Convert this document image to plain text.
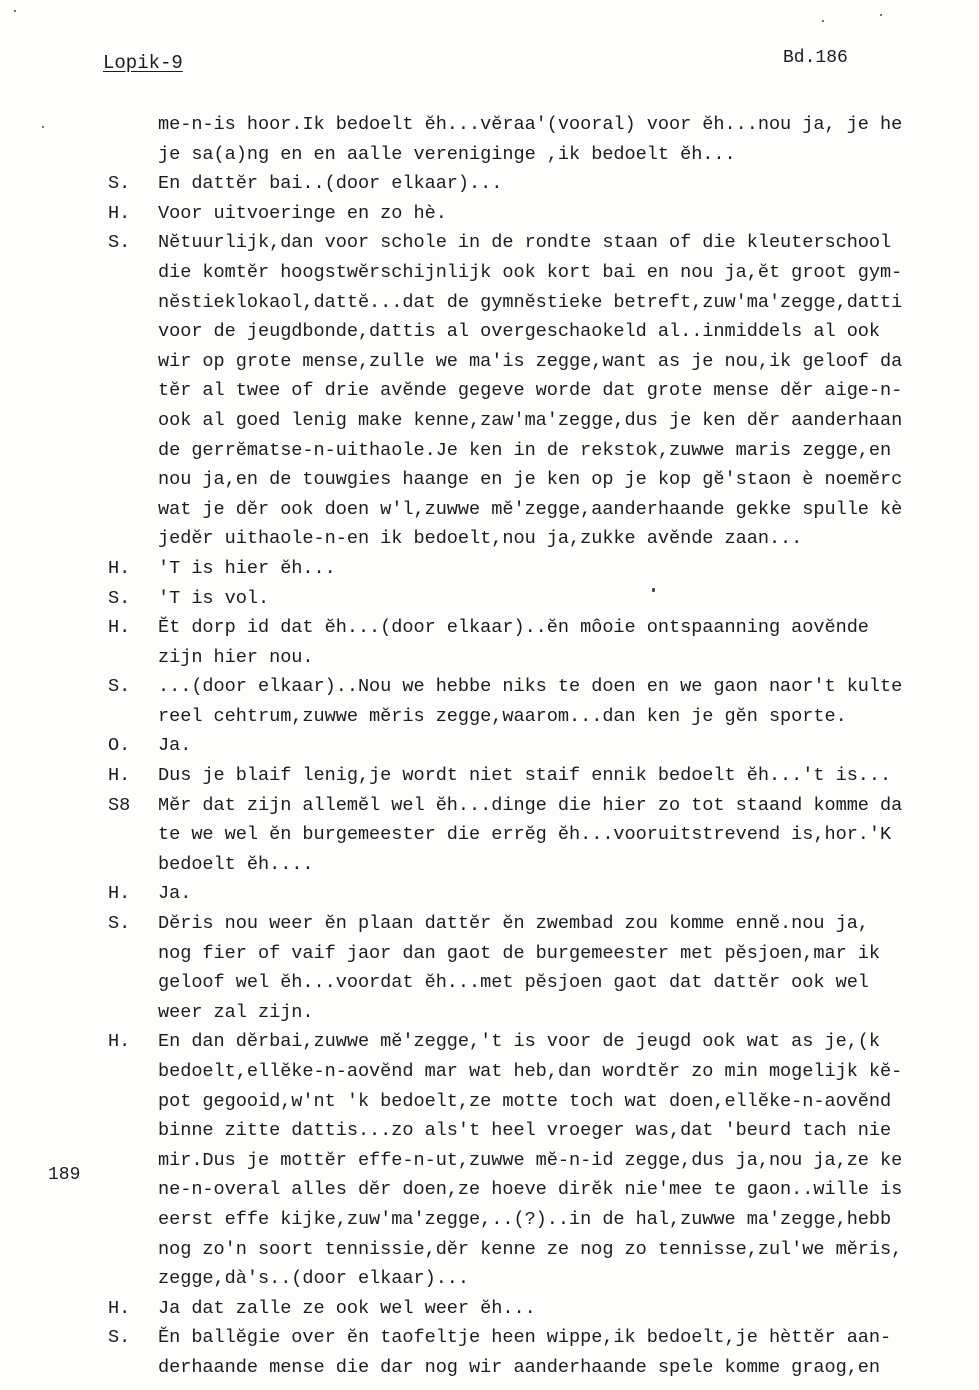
Lopik-9	Bd.186
189
me-n-is hoor.Ik bedoelt ĕh...vĕraa'(vooral) voor ĕh...nou ja, je he
je sa(a)ng en en aalle vereniginge ,ik bedoelt ĕh...
S.	En dattĕr bai..(door elkaar)...
H.	Voor uitvoeringe en zo hè.
S.	Nĕtuurlijk,dan voor schole in de rondte staan of die kleuterschool
die komtĕr hoogstwĕrschijnlijk ook kort bai en nou ja,ĕt groot gym-
nĕstieklokaol,dattĕ...dat de gymnĕstieke betreft,zuw'ma'zegge,datti
voor de jeugdbonde,dattis al overgeschaokeld al..inmiddels al ook
wir op grote mense,zulle we ma'is zegge,want as je nou,ik geloof da
tĕr al twee of drie avĕnde gegeve worde dat grote mense dĕr aige-n-
ook al goed lenig make kenne,zaw'ma'zegge,dus je ken dĕr aanderhaan
de gerrĕmatse-n-uithaole.Je ken in de rekstok,zuwwe maris zegge,en
nou ja,en de touwgies haange en je ken op je kop gĕ'staon è noemĕrc
wat je dĕr ook doen w'l,zuwwe mĕ'zegge,aanderhaande gekke spulle kè
jedĕr uithaole-n-en ik bedoelt,nou ja,zukke avĕnde zaan...
H.	'T is hier ĕh...
S.	'T is vol.
H.	Ĕt dorp id dat ĕh...(door elkaar)..ĕn môoie ontspaanning aovĕnde
zijn hier nou.
S.	...(door elkaar)..Nou we hebbe niks te doen en we gaon naor't kulte
reel cehtrum,zuwwe mĕris zegge,waarom...dan ken je gĕn sporte.
O.	Ja.
H.	Dus je blaif lenig,je wordt niet staif ennik bedoelt ĕh...'t is...
S8	Mĕr dat zijn allemĕl wel ĕh...dinge die hier zo tot staand komme da
te we wel ĕn burgemeester die errĕg ĕh...vooruitstrevend is,hor.'K
bedoelt ĕh....
H.	Ja.
S.	Dĕris nou weer ĕn plaan dattĕr ĕn zwembad zou komme ennĕ.nou ja,
nog fier of vaif jaor dan gaot de burgemeester met pĕsjoen,mar ik
geloof wel ĕh...voordat ĕh...met pĕsjoen gaot dat dattĕr ook wel
weer zal zijn.
H.	En dan dĕrbai,zuwwe mĕ'zegge,'t is voor de jeugd ook wat as je,(k
bedoelt,ellĕke-n-aovĕnd mar wat heb,dan wordtĕr zo min mogelijk kĕ-
pot gegooid,w'nt 'k bedoelt,ze motte toch wat doen,ellĕke-n-aovĕnd
binne zitte dattis...zo als't heel vroeger was,dat 'beurd tach nie
mir.Dus je mottĕr effe-n-ut,zuwwe mĕ-n-id zegge,dus ja,nou ja,ze ke
ne-n-overal alles dĕr doen,ze hoeve dirĕk nie'mee te gaon..wille is
eerst effe kijke,zuw'ma'zegge,..(?)..in de hal,zuwwe ma'zegge,hebb
nog zo'n soort tennissie,dĕr kenne ze nog zo tennisse,zul'we mĕris,
zegge,dà's..(door elkaar)...
H.	Ja dat zalle ze ook wel weer ĕh...
S.	Ĕn ballĕgie over ĕn taofeltje heen wippe,ik bedoelt,je hèttĕr aan-
derhaande mense die dar nog wir aanderhaande spele komme graog,en
